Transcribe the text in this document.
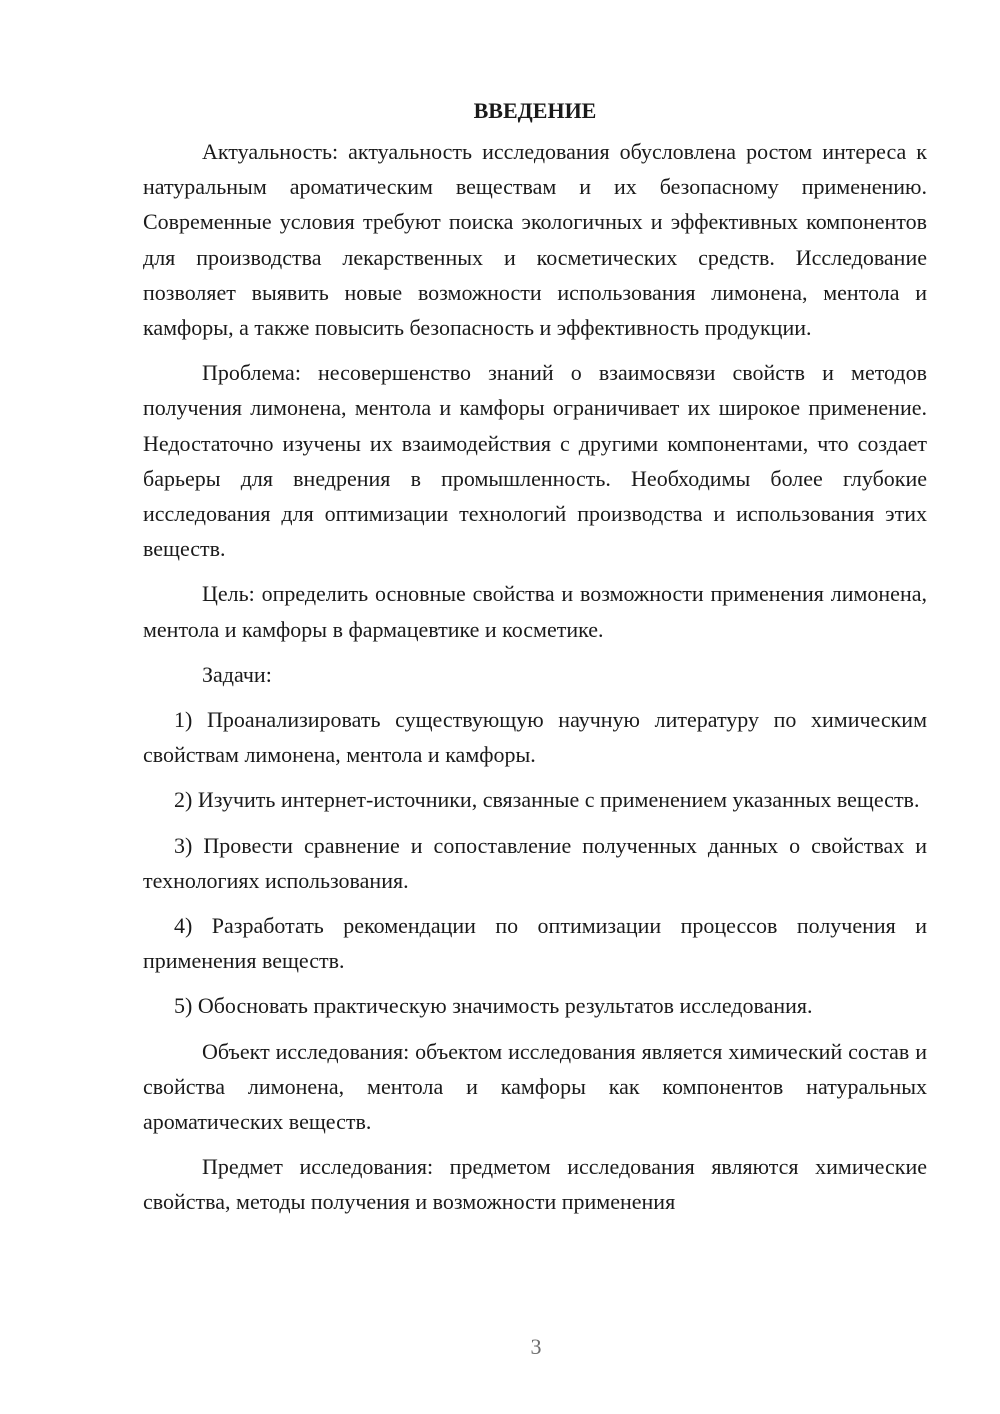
ВВЕДЕНИЕ

Актуальность: актуальность исследования обусловлена ростом интереса к натуральным ароматическим веществам и их безопасному применению. Современные условия требуют поиска экологичных и эффективных компонентов для производства лекарственных и косметических средств. Исследование позволяет выявить новые возможности использования лимонена, ментола и камфоры, а также повысить безопасность и эффективность продукции.

Проблема: несовершенство знаний о взаимосвязи свойств и методов получения лимонена, ментола и камфоры ограничивает их широкое применение. Недостаточно изучены их взаимодействия с другими компонентами, что создает барьеры для внедрения в промышленность. Необходимы более глубокие исследования для оптимизации технологий производства и использования этих веществ.

Цель: определить основные свойства и возможности применения лимонена, ментола и камфоры в фармацевтике и косметике.

Задачи:

1) Проанализировать существующую научную литературу по химическим свойствам лимонена, ментола и камфоры.

2) Изучить интернет-источники, связанные с применением указанных веществ.

3) Провести сравнение и сопоставление полученных данных о свойствах и технологиях использования.

4) Разработать рекомендации по оптимизации процессов получения и применения веществ.

5) Обосновать практическую значимость результатов исследования.

Объект исследования: объектом исследования является химический состав и свойства лимонена, ментола и камфоры как компонентов натуральных ароматических веществ.

Предмет исследования: предметом исследования являются химические свойства, методы получения и возможности применения

3
